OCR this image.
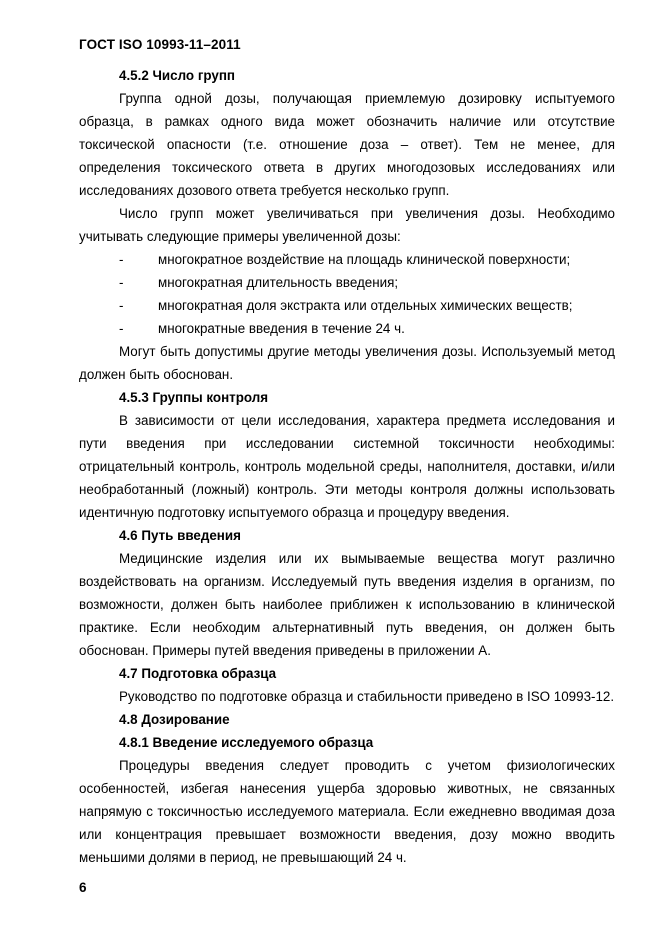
ГОСТ ISO 10993-11–2011
4.5.2 Число групп

Группа одной дозы, получающая приемлемую дозировку испытуемого образца, в рамках одного вида может обозначить наличие или отсутствие токсической опасности (т.е. отношение доза – ответ). Тем не менее, для определения токсического ответа в других многодозовых исследованиях или исследованиях дозового ответа требуется несколько групп.

Число групп может увеличиваться при увеличения дозы. Необходимо учитывать следующие примеры увеличенной дозы:

-	многократное воздействие на площадь клинической поверхности;
-	многократная длительность введения;
-	многократная доля экстракта или отдельных химических веществ;
-	многократные введения в течение 24 ч.

Могут быть допустимы другие методы увеличения дозы. Используемый метод должен быть обоснован.

4.5.3 Группы контроля

В зависимости от цели исследования, характера предмета исследования и пути введения при исследовании системной токсичности необходимы: отрицательный контроль, контроль модельной среды, наполнителя, доставки, и/или необработанный (ложный) контроль. Эти методы контроля должны использовать идентичную подготовку испытуемого образца и процедуру введения.

4.6 Путь введения

Медицинские изделия или их вымываемые вещества могут различно воздействовать на организм. Исследуемый путь введения изделия в организм, по возможности, должен быть наиболее приближен к использованию в клинической практике. Если необходим альтернативный путь введения, он должен быть обоснован. Примеры путей введения приведены в приложении А.

4.7 Подготовка образца

Руководство по подготовке образца и стабильности приведено в ISO 10993-12.

4.8 Дозирование
4.8.1 Введение исследуемого образца

Процедуры введения следует проводить с учетом физиологических особенностей, избегая нанесения ущерба здоровью животных, не связанных напрямую с токсичностью исследуемого материала. Если ежедневно вводимая доза или концентрация превышает возможности введения, дозу можно вводить меньшими долями в период, не превышающий 24 ч.

6
